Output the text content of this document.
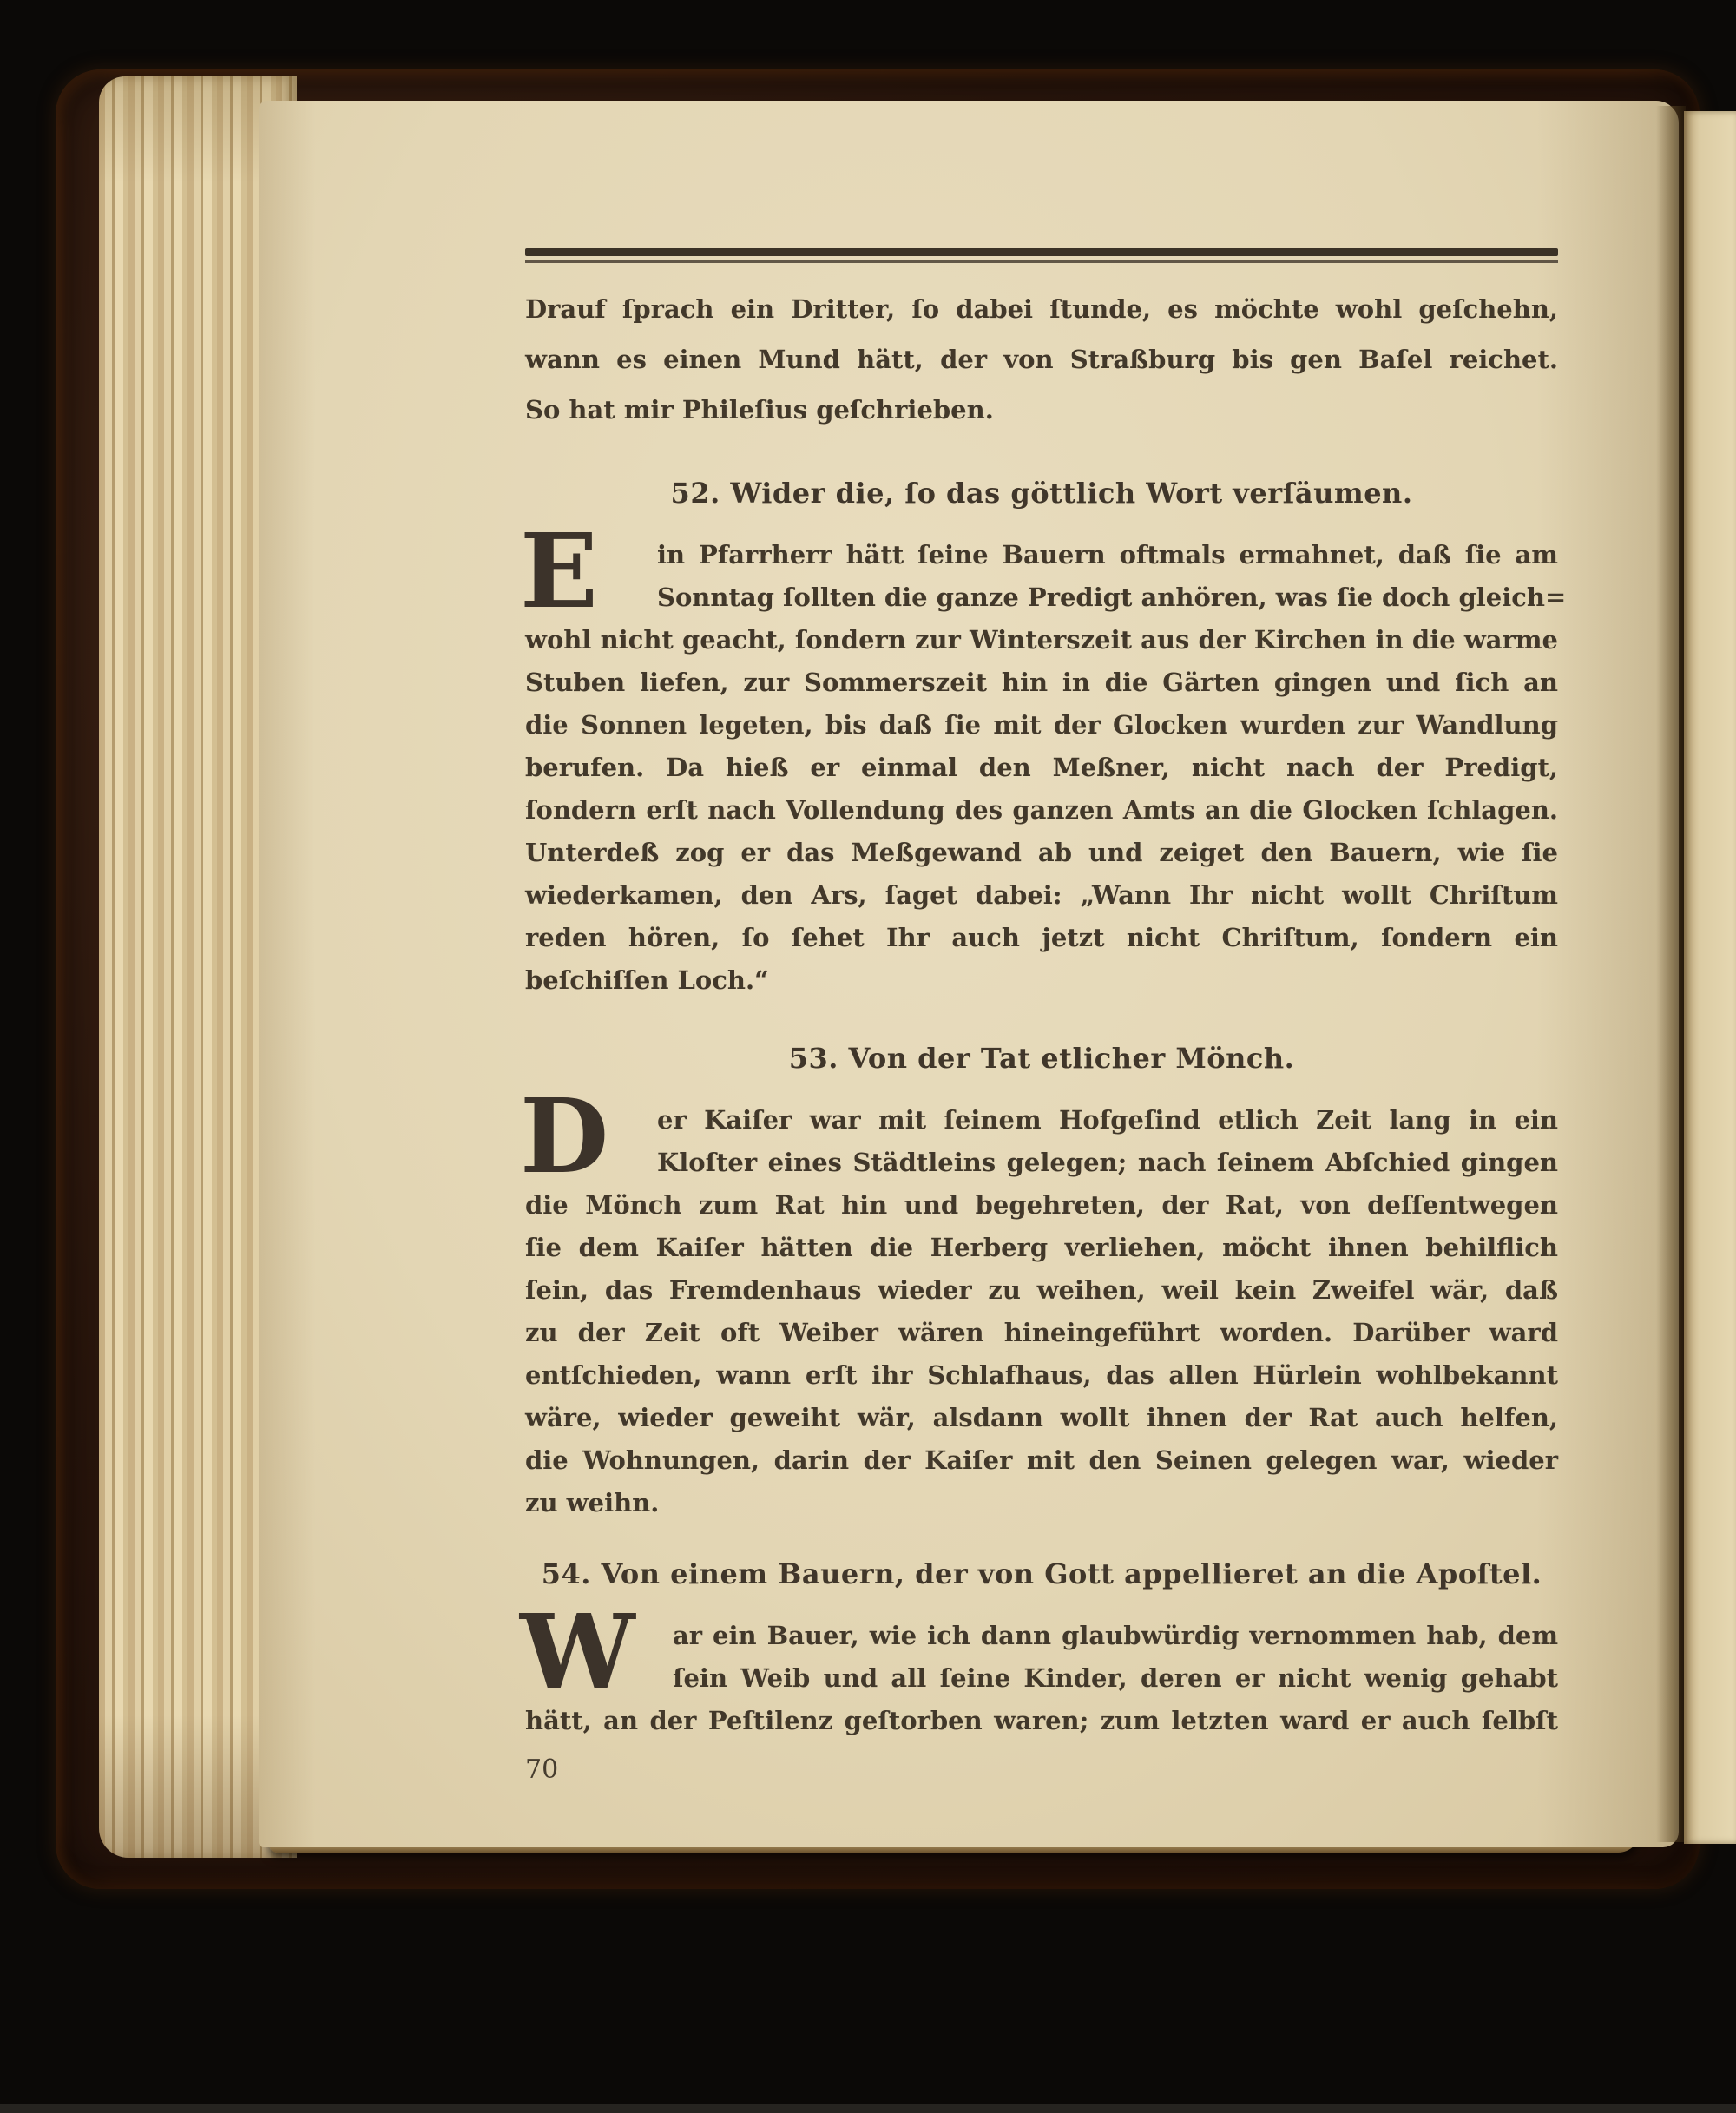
Drauf ſprach ein Dritter, ſo dabei ſtunde, es möchte wohl geſchehn,
wann es einen Mund hätt, der von Straßburg bis gen Baſel reichet.
So hat mir Phileſius geſchrieben.
52. Wider die, ſo das göttlich Wort verſäumen.
E	in Pfarrherr hätt ſeine Bauern oftmals ermahnet, daß ſie am
Sonntag ſollten die ganze Predigt anhören, was ſie doch gleich=
wohl nicht geacht, ſondern zur Winterszeit aus der Kirchen in die warme
Stuben liefen, zur Sommerszeit hin in die Gärten gingen und ſich an
die Sonnen legeten, bis daß ſie mit der Glocken wurden zur Wandlung
berufen. Da hieß er einmal den Meßner, nicht nach der Predigt,
ſondern erſt nach Vollendung des ganzen Amts an die Glocken ſchlagen.
Unterdeß zog er das Meßgewand ab und zeiget den Bauern, wie ſie
wiederkamen, den Ars, ſaget dabei: „Wann Ihr nicht wollt Chriſtum
reden hören, ſo ſehet Ihr auch jetzt nicht Chriſtum, ſondern ein
beſchiſſen Loch.“
53. Von der Tat etlicher Mönch.
D	er Kaiſer war mit ſeinem Hofgeſind etlich Zeit lang in ein
Kloſter eines Städtleins gelegen; nach ſeinem Abſchied gingen
die Mönch zum Rat hin und begehreten, der Rat, von deſſentwegen
ſie dem Kaiſer hätten die Herberg verliehen, möcht ihnen behilflich
ſein, das Fremdenhaus wieder zu weihen, weil kein Zweifel wär, daß
zu der Zeit oft Weiber wären hineingeführt worden. Darüber ward
entſchieden, wann erſt ihr Schlafhaus, das allen Hürlein wohlbekannt
wäre, wieder geweiht wär, alsdann wollt ihnen der Rat auch helfen,
die Wohnungen, darin der Kaiſer mit den Seinen gelegen war, wieder
zu weihn.
54. Von einem Bauern, der von Gott appellieret an die Apoſtel.
W	ar ein Bauer, wie ich dann glaubwürdig vernommen hab, dem
ſein Weib und all ſeine Kinder, deren er nicht wenig gehabt
hätt, an der Peſtilenz geſtorben waren; zum letzten ward er auch ſelbſt
70
